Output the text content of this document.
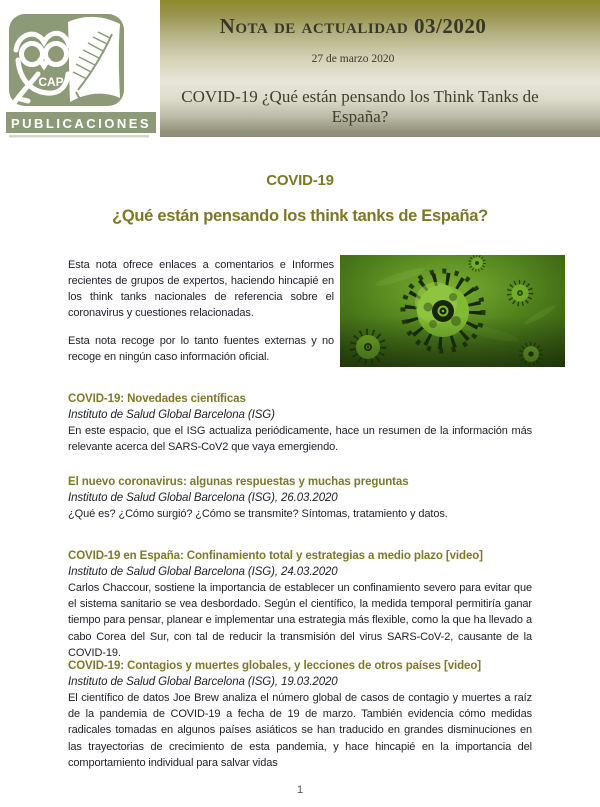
CAP
PUBLICACIONES
Nota de actualidad 03/2020
27 de marzo 2020
COVID-19 ¿Qué están pensando los Think Tanks de España?
COVID-19
¿Qué están pensando los think tanks de España?

Esta nota ofrece enlaces a comentarios e Informes recientes de grupos de expertos, haciendo hincapié en los think tanks nacionales de referencia sobre el coronavirus y cuestiones relacionadas.

Esta nota recoge por lo tanto fuentes externas y no recoge en ningún caso información oficial.

COVID-19: Novedades científicas
Instituto de Salud Global Barcelona (ISG)
En este espacio, que el ISG actualiza periódicamente, hace un resumen de la información más relevante acerca del SARS-CoV2 que vaya emergiendo.
El nuevo coronavirus: algunas respuestas y muchas preguntas
Instituto de Salud Global Barcelona (ISG), 26.03.2020
¿Qué es? ¿Cómo surgió? ¿Cómo se transmite? Síntomas, tratamiento y datos.
COVID-19 en España: Confinamiento total y estrategias a medio plazo [video]
Instituto de Salud Global Barcelona (ISG), 24.03.2020
Carlos Chaccour, sostiene la importancia de establecer un confinamiento severo para evitar que el sistema sanitario se vea desbordado. Según el científico, la medida temporal permitiría ganar tiempo para pensar, planear e implementar una estrategia más flexible, como la que ha llevado a cabo Corea del Sur, con tal de reducir la transmisión del virus SARS-CoV-2, causante de la COVID-19.
COVID-19: Contagios y muertes globales, y lecciones de otros países [video]
Instituto de Salud Global Barcelona (ISG), 19.03.2020
El científico de datos Joe Brew analiza el número global de casos de contagio y muertes a raíz de la pandemia de COVID-19 a fecha de 19 de marzo. También evidencia cómo medidas radicales tomadas en algunos países asiáticos se han traducido en grandes disminuciones en las trayectorias de crecimiento de esta pandemia, y hace hincapié en la importancia del comportamiento individual para salvar vidas
1
